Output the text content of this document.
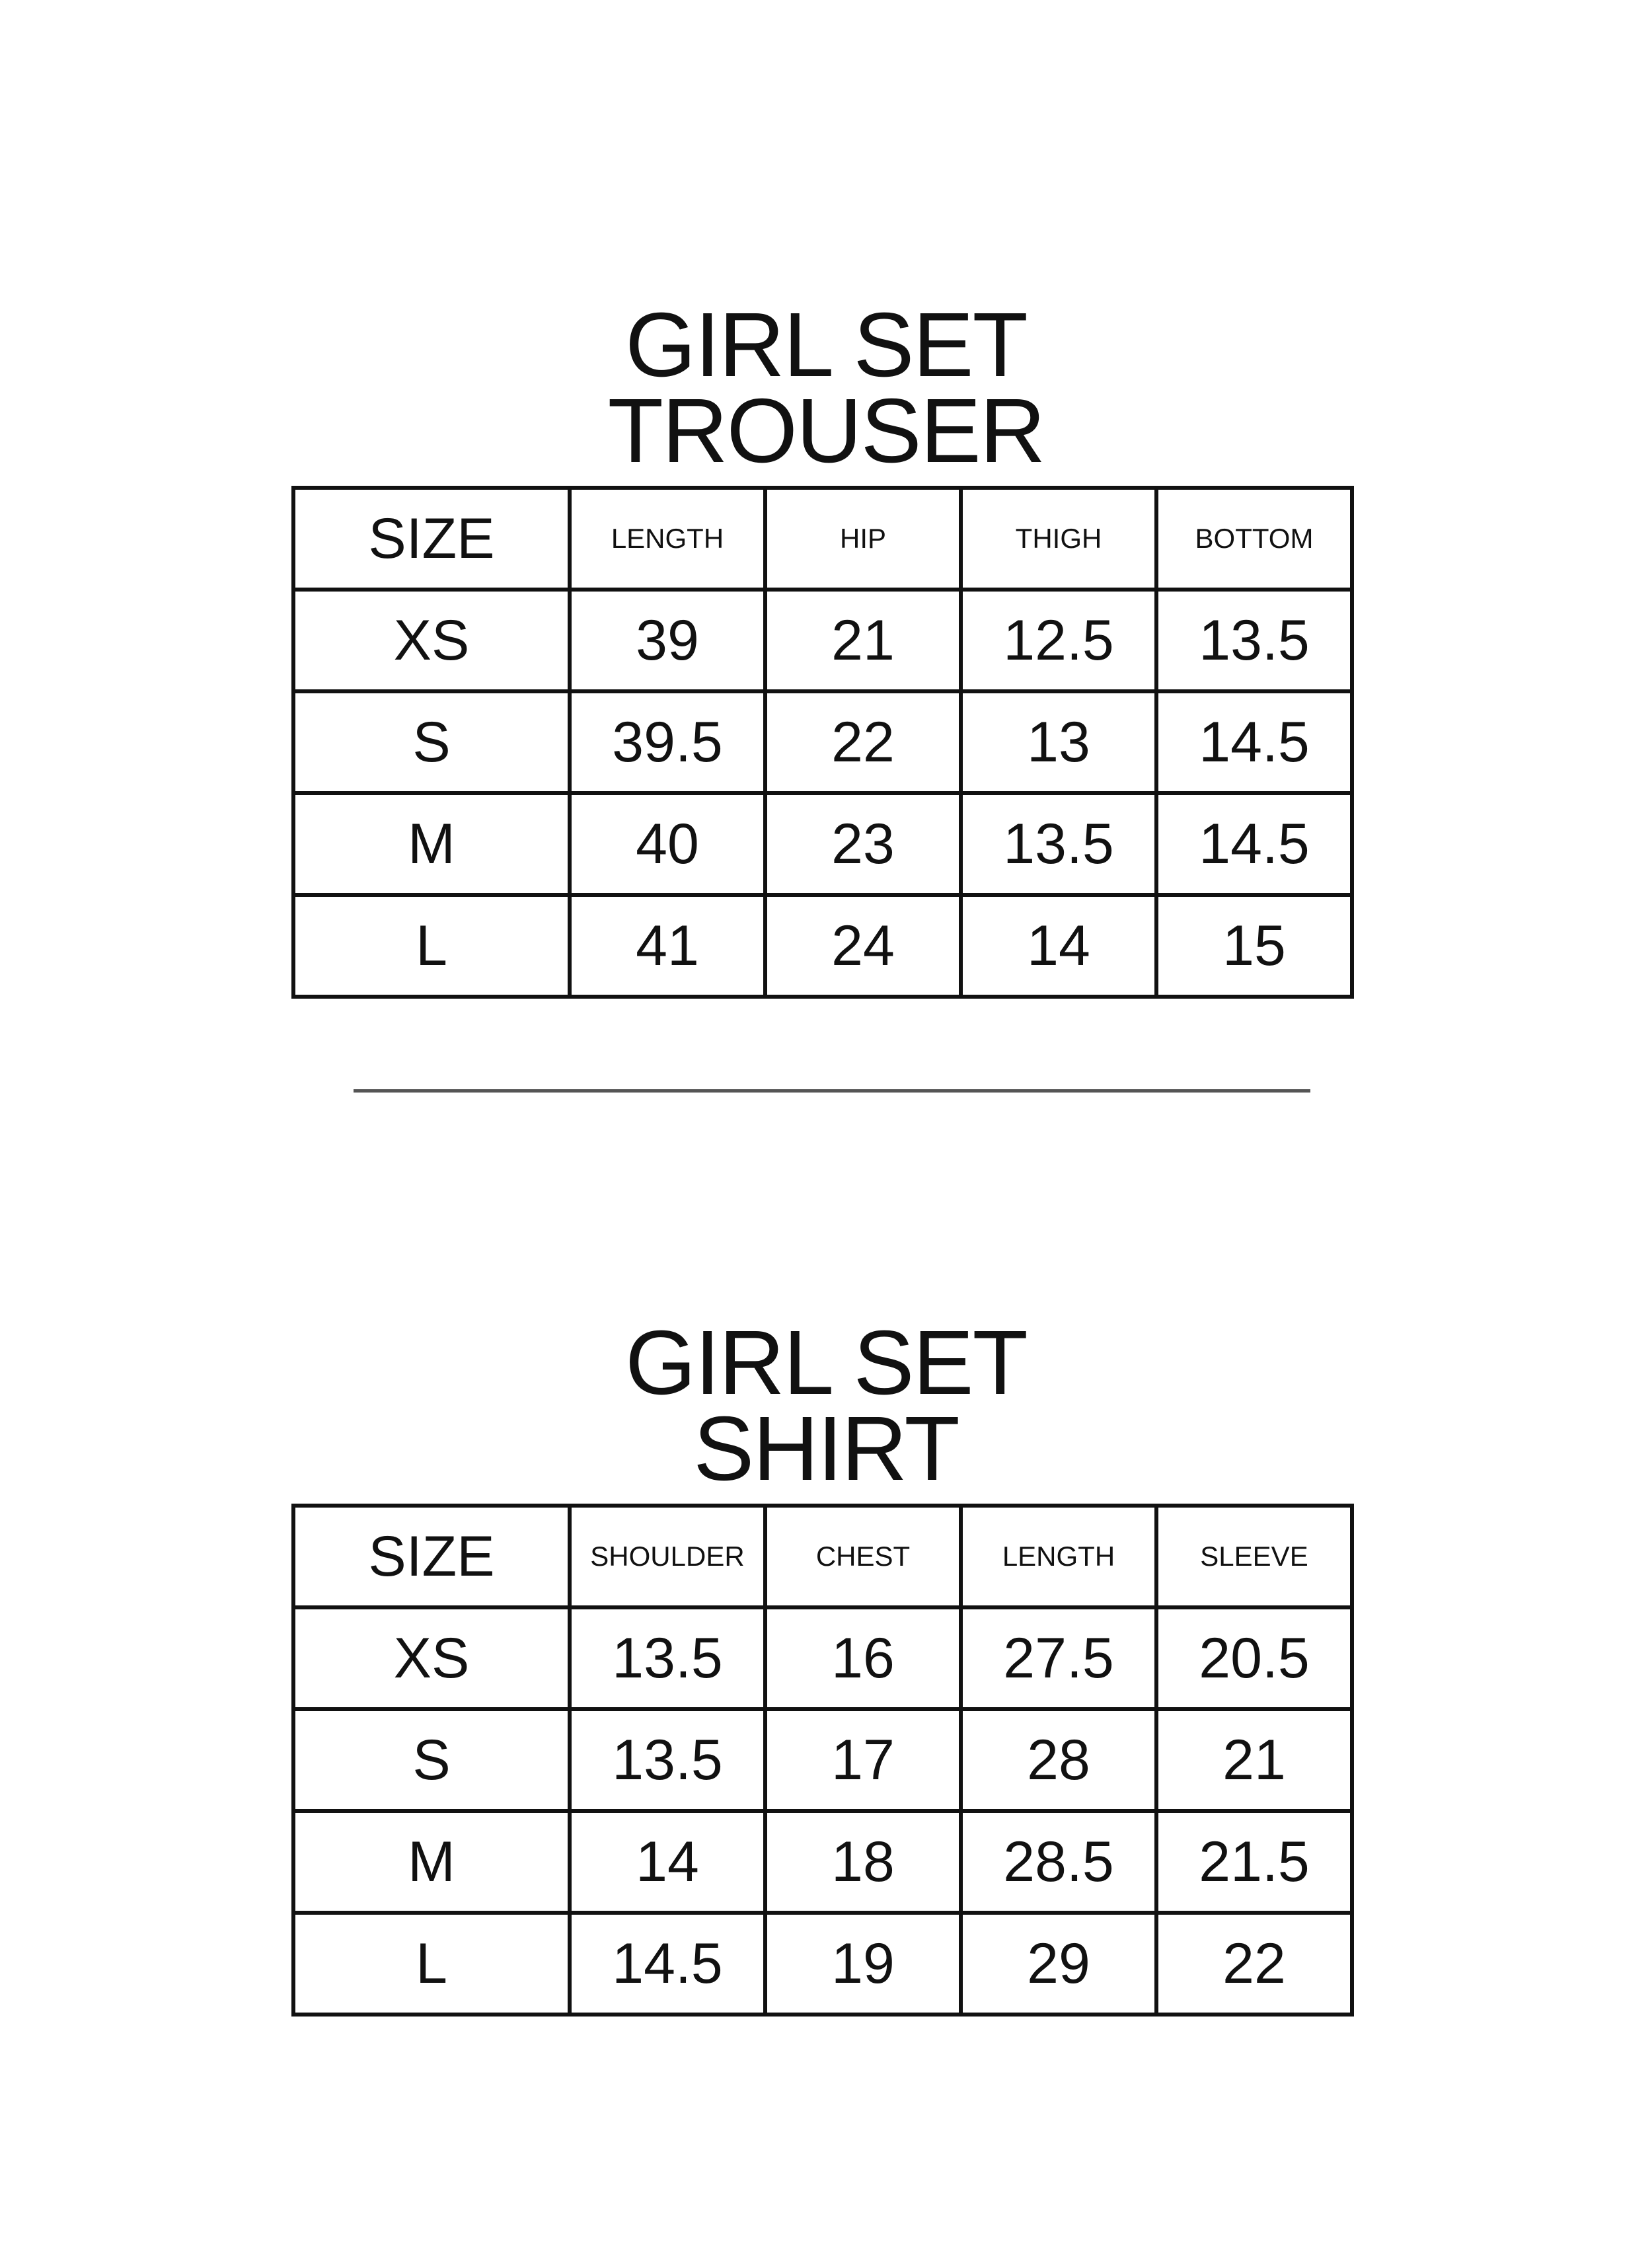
GIRL SET
TROUSER
SIZE	LENGTH	HIP	THIGH	BOTTOM
XS	39	21	12.5	13.5
S	39.5	22	13	14.5
M	40	23	13.5	14.5
L	41	24	14	15
GIRL SET
SHIRT
SIZE	SHOULDER	CHEST	LENGTH	SLEEVE
XS	13.5	16	27.5	20.5
S	13.5	17	28	21
M	14	18	28.5	21.5
L	14.5	19	29	22
